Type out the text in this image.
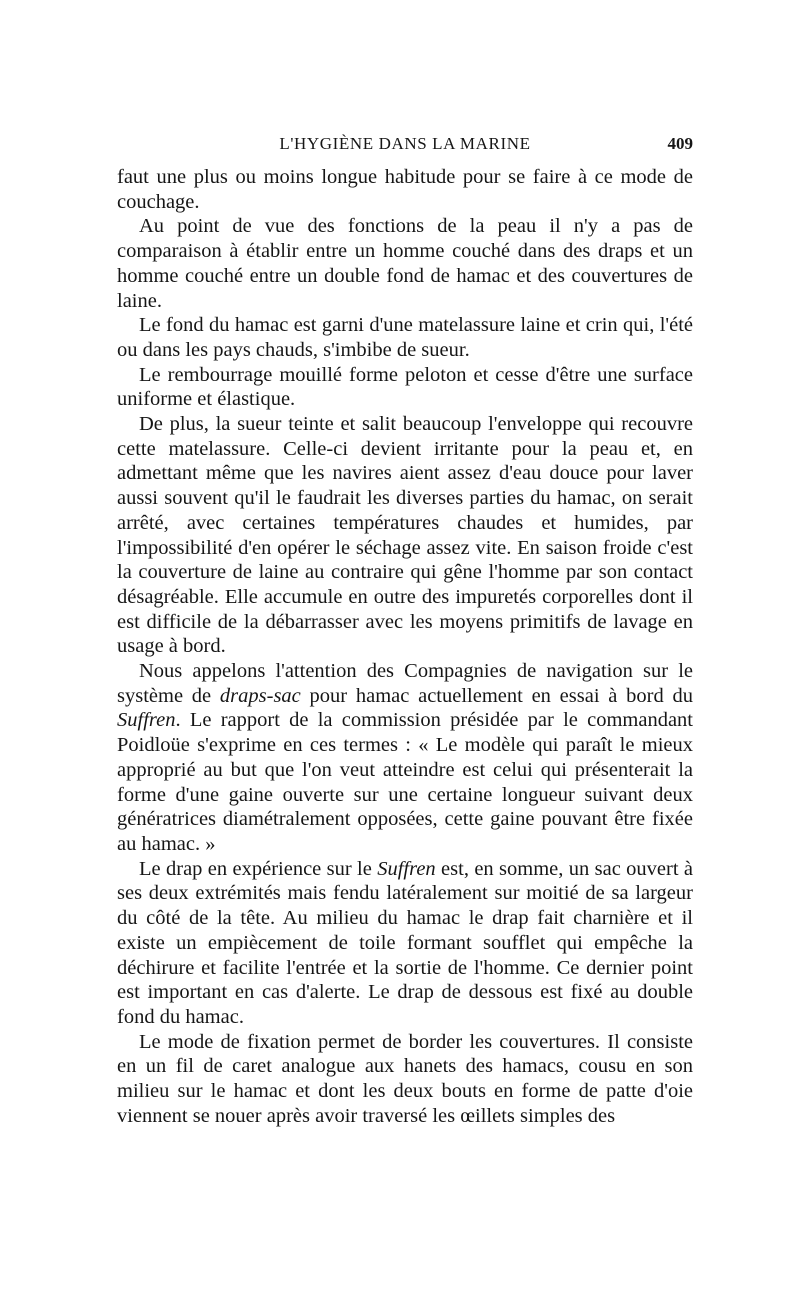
L'HYGIÈNE DANS LA MARINE	409

faut une plus ou moins longue habitude pour se faire à ce mode de couchage.

Au point de vue des fonctions de la peau il n'y a pas de comparaison à établir entre un homme couché dans des draps et un homme couché entre un double fond de hamac et des couvertures de laine.

Le fond du hamac est garni d'une matelassure laine et crin qui, l'été ou dans les pays chauds, s'imbibe de sueur.

Le rembourrage mouillé forme peloton et cesse d'être une surface uniforme et élastique.

De plus, la sueur teinte et salit beaucoup l'enveloppe qui recouvre cette matelassure. Celle-ci devient irritante pour la peau et, en admettant même que les navires aient assez d'eau douce pour laver aussi souvent qu'il le faudrait les diverses parties du hamac, on serait arrêté, avec certaines températures chaudes et humides, par l'impossibilité d'en opérer le séchage assez vite. En saison froide c'est la couverture de laine au contraire qui gêne l'homme par son contact désagréable. Elle accumule en outre des impuretés corporelles dont il est difficile de la débarrasser avec les moyens primitifs de lavage en usage à bord.

Nous appelons l'attention des Compagnies de navigation sur le système de draps-sac pour hamac actuellement en essai à bord du Suffren. Le rapport de la commission présidée par le commandant Poidloüe s'exprime en ces termes : « Le modèle qui paraît le mieux approprié au but que l'on veut atteindre est celui qui présenterait la forme d'une gaine ouverte sur une certaine longueur suivant deux génératrices diamétralement opposées, cette gaine pouvant être fixée au hamac. »

Le drap en expérience sur le Suffren est, en somme, un sac ouvert à ses deux extrémités mais fendu latéralement sur moitié de sa largeur du côté de la tête. Au milieu du hamac le drap fait charnière et il existe un empiècement de toile formant soufflet qui empêche la déchirure et facilite l'entrée et la sortie de l'homme. Ce dernier point est important en cas d'alerte. Le drap de dessous est fixé au double fond du hamac.

Le mode de fixation permet de border les couvertures. Il consiste en un fil de caret analogue aux hanets des hamacs, cousu en son milieu sur le hamac et dont les deux bouts en forme de patte d'oie viennent se nouer après avoir traversé les œillets simples des
